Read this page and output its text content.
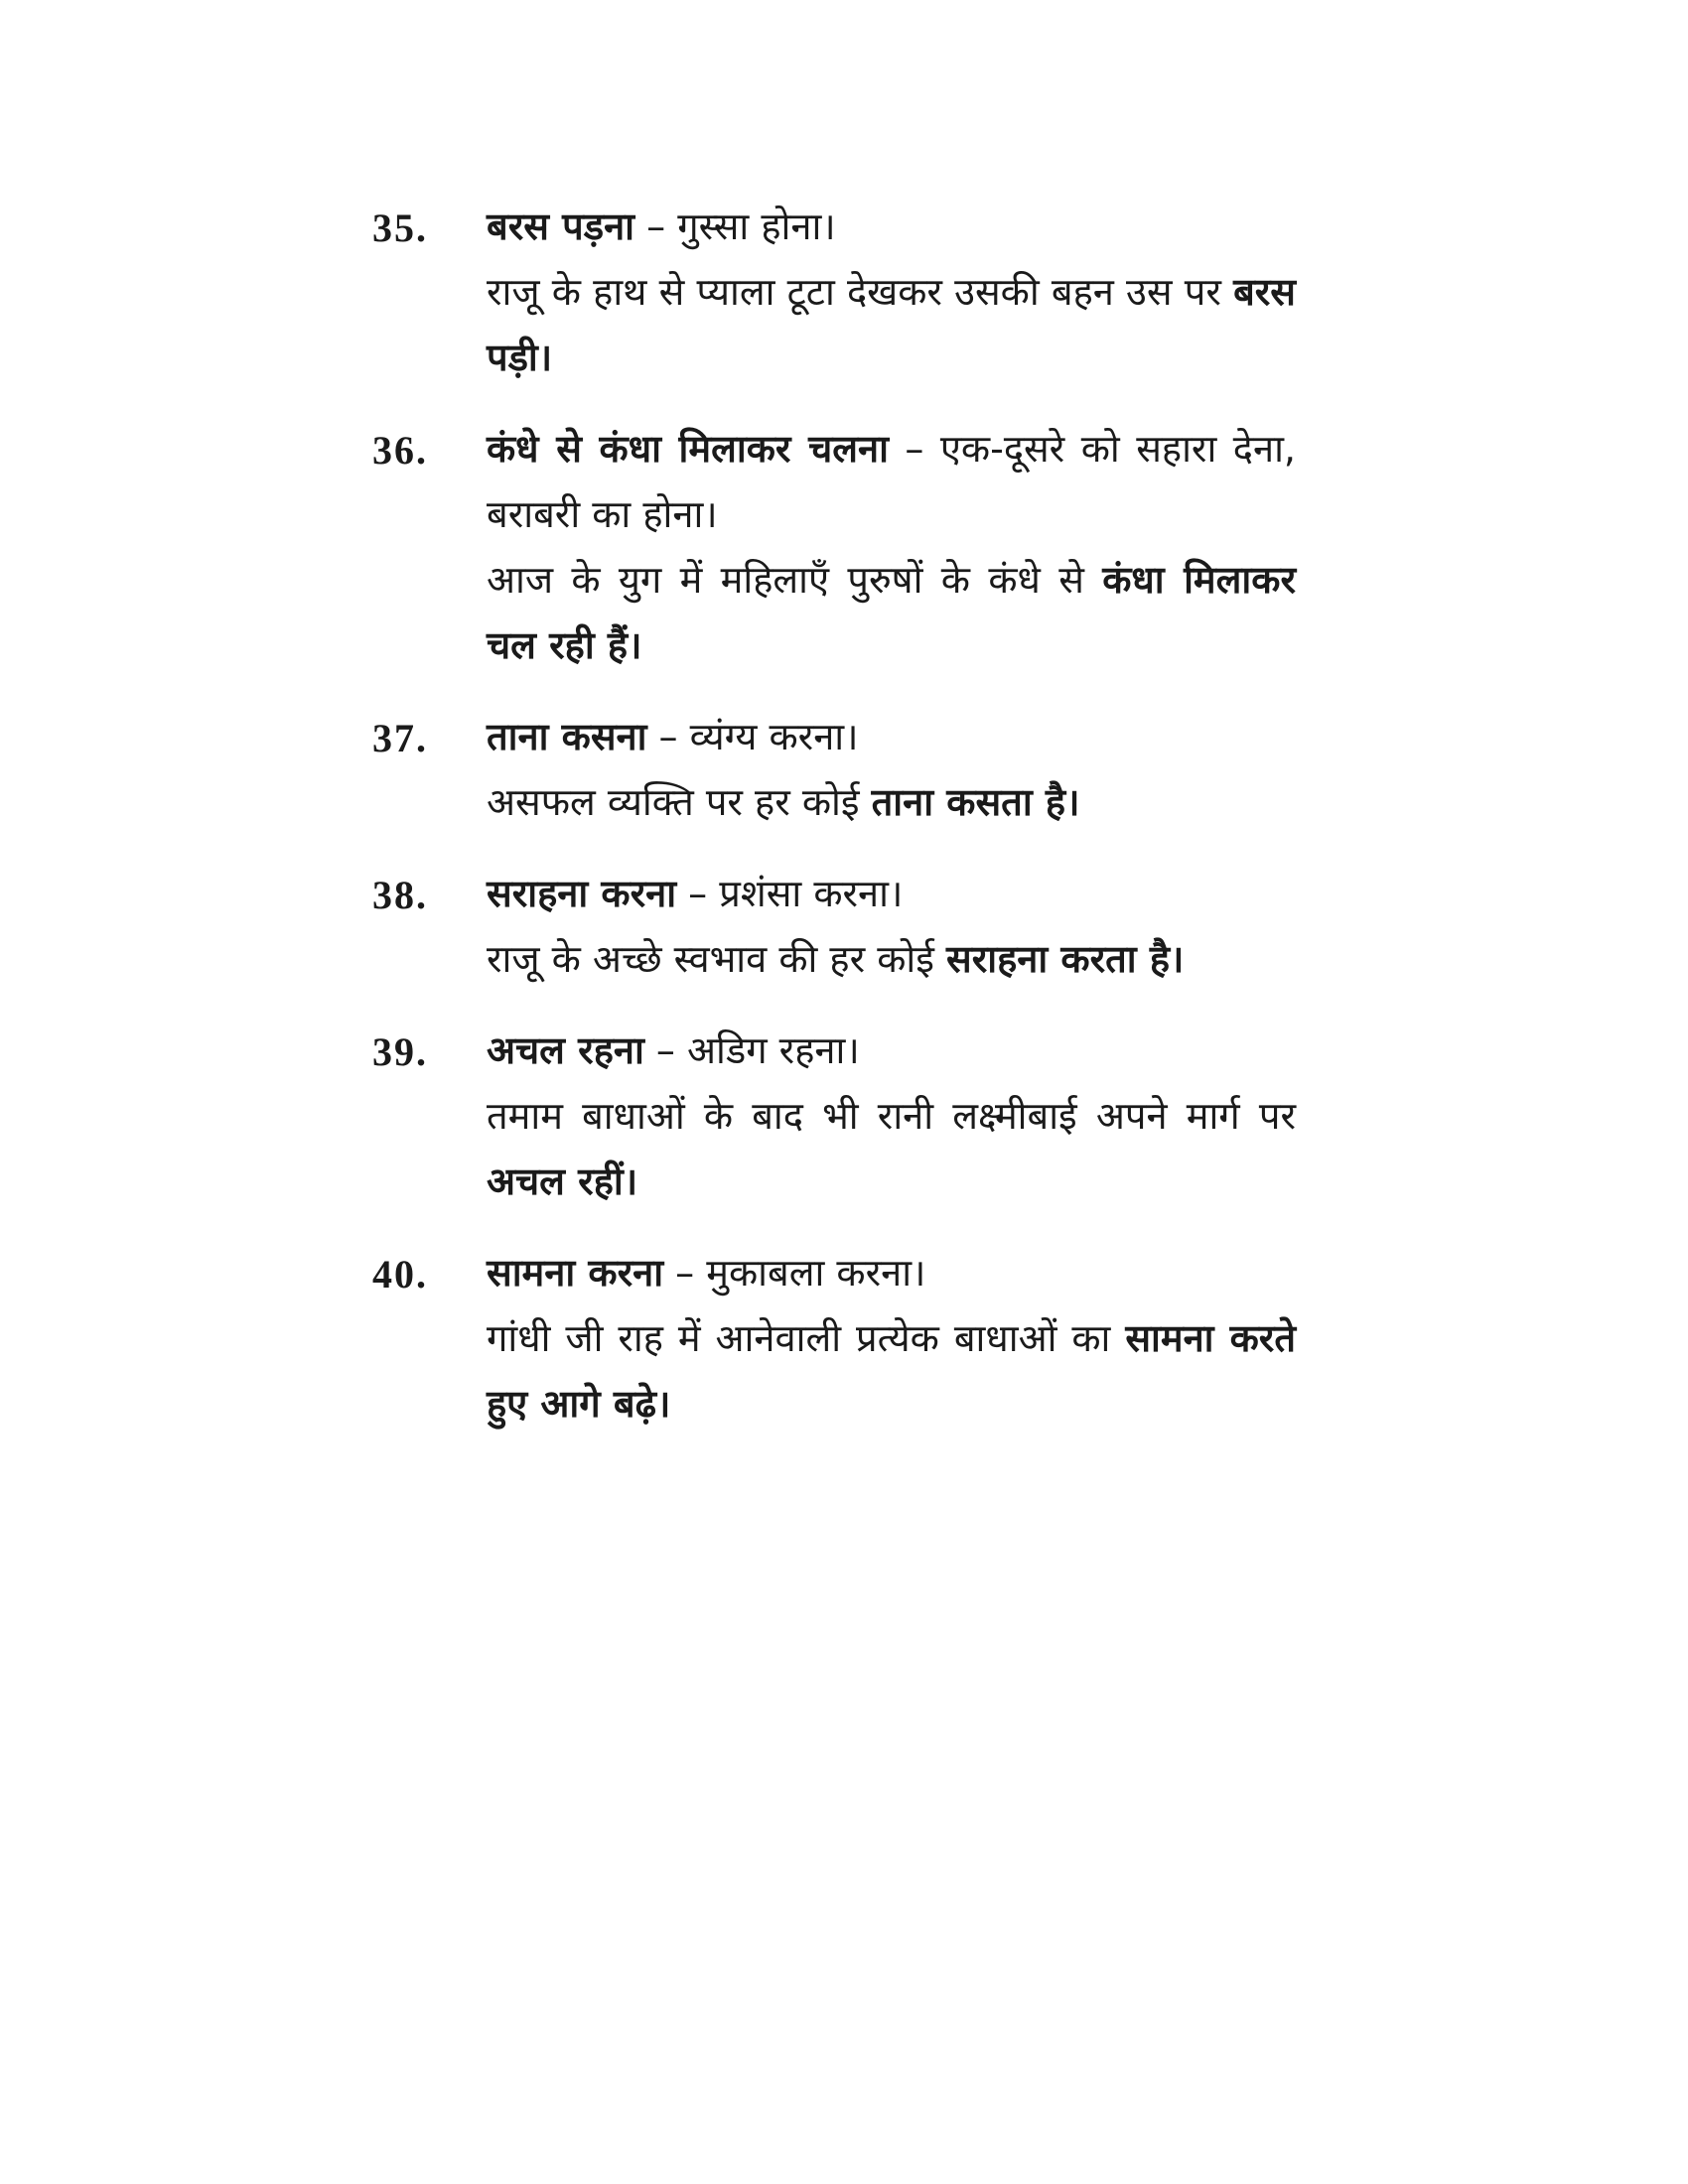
35. बरस पड़ना – गुस्सा होना।

राजू के हाथ से प्याला टूटा देखकर उसकी बहन उस पर बरस पड़ी।

36. कंधे से कंधा मिलाकर चलना – एक-दूसरे को सहारा देना, बराबरी का होना।

आज के युग में महिलाएँ पुरुषों के कंधे से कंधा मिलाकर चल रही हैं।

37. ताना कसना – व्यंग्य करना।

असफल व्यक्ति पर हर कोई ताना कसता है।

38. सराहना करना – प्रशंसा करना।

राजू के अच्छे स्वभाव की हर कोई सराहना करता है।

39. अचल रहना – अडिग रहना।

तमाम बाधाओं के बाद भी रानी लक्ष्मीबाई अपने मार्ग पर अचल रहीं।

40. सामना करना – मुकाबला करना।

गांधी जी राह में आनेवाली प्रत्येक बाधाओं का सामना करते हुए आगे बढ़े।
